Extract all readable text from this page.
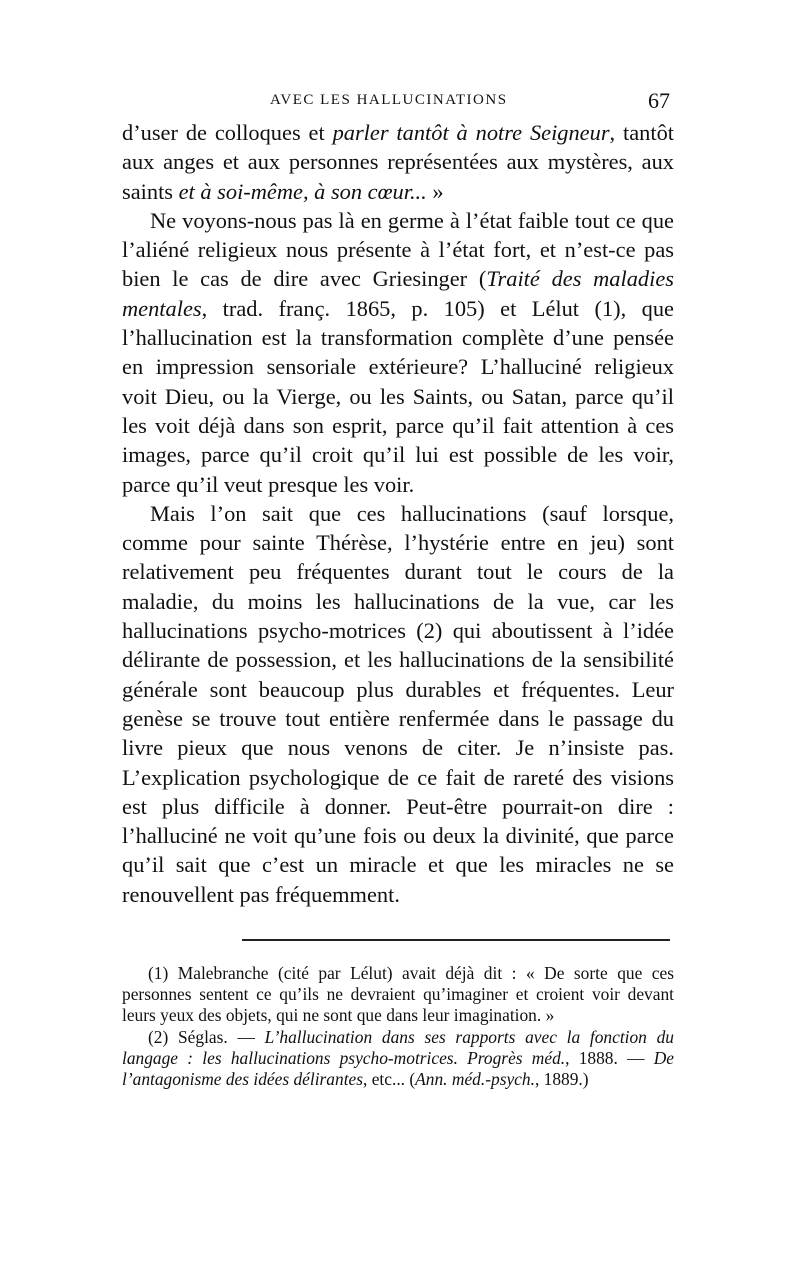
AVEC LES HALLUCINATIONS	67

d’user de colloques et parler tantôt à notre Seigneur, tantôt aux anges et aux personnes représentées aux mystères, aux saints et à soi-même, à son cœur... »

Ne voyons-nous pas là en germe à l’état faible tout ce que l’aliéné religieux nous présente à l’état fort, et n’est-ce pas bien le cas de dire avec Griesinger (Traité des maladies mentales, trad. franç. 1865, p. 105) et Lélut (1), que l’hallucination est la transformation complète d’une pensée en impression sensoriale extérieure? L’halluciné religieux voit Dieu, ou la Vierge, ou les Saints, ou Satan, parce qu’il les voit déjà dans son esprit, parce qu’il fait attention à ces images, parce qu’il croit qu’il lui est possible de les voir, parce qu’il veut presque les voir.

Mais l’on sait que ces hallucinations (sauf lorsque, comme pour sainte Thérèse, l’hystérie entre en jeu) sont relativement peu fréquentes durant tout le cours de la maladie, du moins les hallucinations de la vue, car les hallucinations psycho-motrices (2) qui aboutissent à l’idée délirante de possession, et les hallucinations de la sensibilité générale sont beaucoup plus durables et fréquentes. Leur genèse se trouve tout entière renfermée dans le passage du livre pieux que nous venons de citer. Je n’insiste pas. L’explication psychologique de ce fait de rareté des visions est plus difficile à donner. Peut-être pourrait-on dire : l’halluciné ne voit qu’une fois ou deux la divinité, que parce qu’il sait que c’est un miracle et que les miracles ne se renouvellent pas fréquemment.

(1) Malebranche (cité par Lélut) avait déjà dit : « De sorte que ces personnes sentent ce qu’ils ne devraient qu’imaginer et croient voir devant leurs yeux des objets, qui ne sont que dans leur imagination. »

(2) Séglas. — L’hallucination dans ses rapports avec la fonction du langage : les hallucinations psycho-motrices. Progrès méd., 1888. — De l’antagonisme des idées délirantes, etc... (Ann. méd.-psych., 1889.)
